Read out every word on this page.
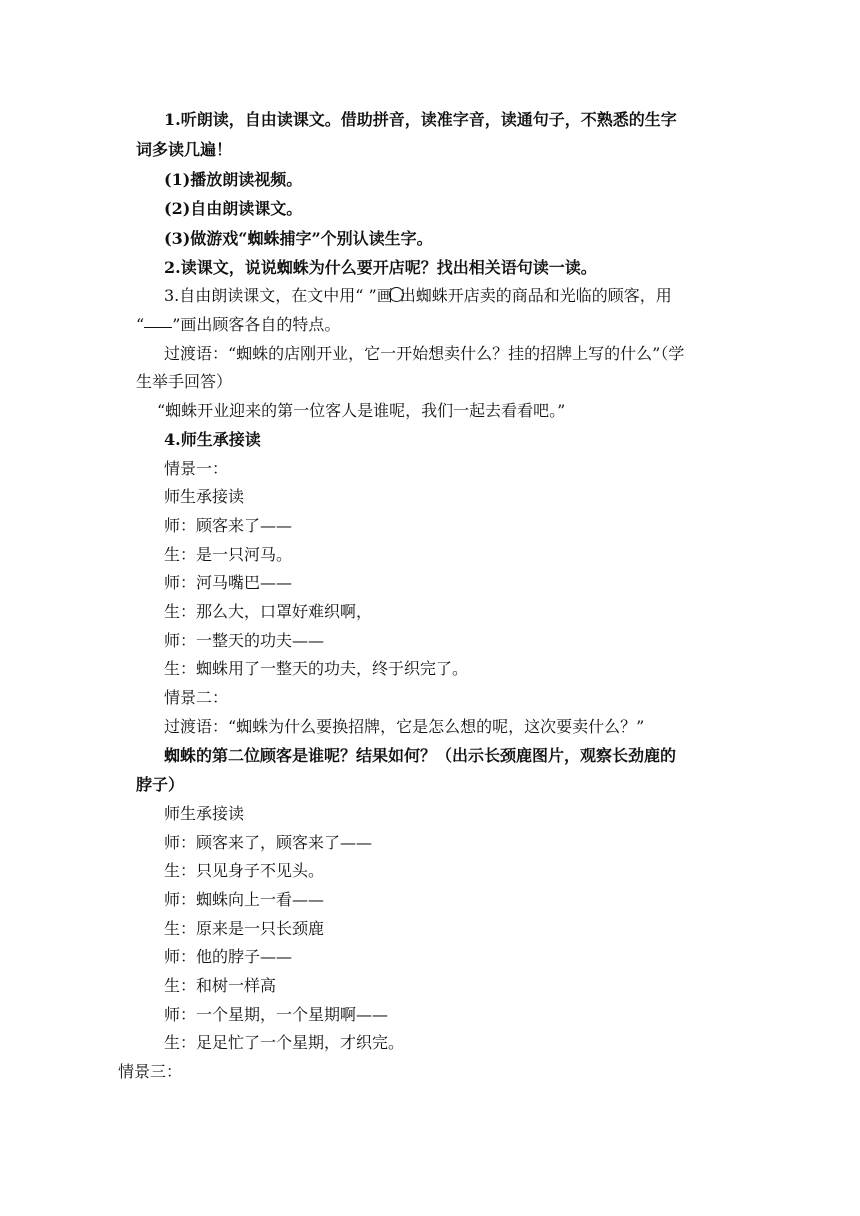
1.听朗读，自由读课文。借助拼音，读准字音，读通句子，不熟悉的生字
词多读几遍！
(1)播放朗读视频。
(2)自由朗读课文。
(3)做游戏“蜘蛛捕字”个别认读生字。
2.读课文，说说蜘蛛为什么要开店呢？找出相关语句读一读。
3.自由朗读课文，在文中用“ ”画 出蜘蛛开店卖的商品和光临的顾客，用
“ ”画出顾客各自的特点。
过渡语：“蜘蛛的店刚开业，它一开始想卖什么？挂的招牌上写的什么”（学
生举手回答）
“蜘蛛开业迎来的第一位客人是谁呢，我们一起去看看吧。”
4.师生承接读
情景一：
师生承接读
师：顾客来了——
生：是一只河马。
师：河马嘴巴——
生：那么大，口罩好难织啊，
师：一整天的功夫——
生：蜘蛛用了一整天的功夫，终于织完了。
情景二：
过渡语：“蜘蛛为什么要换招牌，它是怎么想的呢，这次要卖什么？”
蜘蛛的第二位顾客是谁呢？结果如何？（出示长颈鹿图片，观察长劲鹿的
脖子）
师生承接读
师：顾客来了，顾客来了——
生：只见身子不见头。
师：蜘蛛向上一看——
生：原来是一只长颈鹿
师：他的脖子——
生：和树一样高
师：一个星期，一个星期啊——
生：足足忙了一个星期，才织完。
情景三：
